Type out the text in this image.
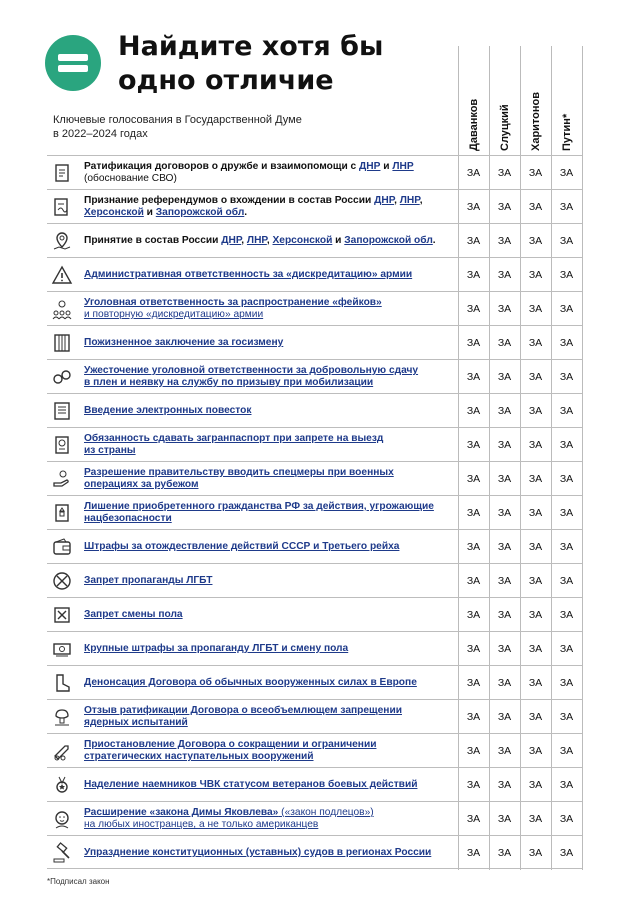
Найдите хотя бы
одно отличие
Ключевые голосования в Государственной Думе
в 2022–2024 годах	Даванков Слуцкий Харитонов Путин*
Ратификация договоров о дружбе и взаимопомощи с ДНР и ЛНР
(обоснование СВО)	ЗА	ЗА	ЗА	ЗА
Признание референдумов о вхождении в состав России ДНР, ЛНР,
Херсонской и Запорожской обл.	ЗА	ЗА	ЗА	ЗА
Принятие в состав России ДНР, ЛНР, Херсонской и Запорожской обл.	ЗА	ЗА	ЗА	ЗА
Административная ответственность за «дискредитацию» армии	ЗА	ЗА	ЗА	ЗА
Уголовная ответственность за распространение «фейков»
и повторную «дискредитацию» армии	ЗА	ЗА	ЗА	ЗА
Пожизненное заключение за госизмену	ЗА	ЗА	ЗА	ЗА
Ужесточение уголовной ответственности за добровольную сдачу
в плен и неявку на службу по призыву при мобилизации	ЗА	ЗА	ЗА	ЗА
Введение электронных повесток	ЗА	ЗА	ЗА	ЗА
Обязанность сдавать загранпаспорт при запрете на выезд
из страны	ЗА	ЗА	ЗА	ЗА
Разрешение правительству вводить спецмеры при военных
операциях за рубежом	ЗА	ЗА	ЗА	ЗА
Лишение приобретенного гражданства РФ за действия, угрожающие
нацбезопасности	ЗА	ЗА	ЗА	ЗА
Штрафы за отождествление действий СССР и Третьего рейха	ЗА	ЗА	ЗА	ЗА
Запрет пропаганды ЛГБТ	ЗА	ЗА	ЗА	ЗА
Запрет смены пола	ЗА	ЗА	ЗА	ЗА
Крупные штрафы за пропаганду ЛГБТ и смену пола	ЗА	ЗА	ЗА	ЗА
Денонсация Договора об обычных вооруженных силах в Европе	ЗА	ЗА	ЗА	ЗА
Отзыв ратификации Договора о всеобъемлющем запрещении
ядерных испытаний	ЗА	ЗА	ЗА	ЗА
Приостановление Договора о сокращении и ограничении
стратегических наступательных вооружений	ЗА	ЗА	ЗА	ЗА
Наделение наемников ЧВК статусом ветеранов боевых действий	ЗА	ЗА	ЗА	ЗА
Расширение «закона Димы Яковлева» («закон подлецов»)
на любых иностранцев, а не только американцев	ЗА	ЗА	ЗА	ЗА
Упразднение конституционных (уставных) судов в регионах России	ЗА	ЗА	ЗА	ЗА
*Подписал закон
